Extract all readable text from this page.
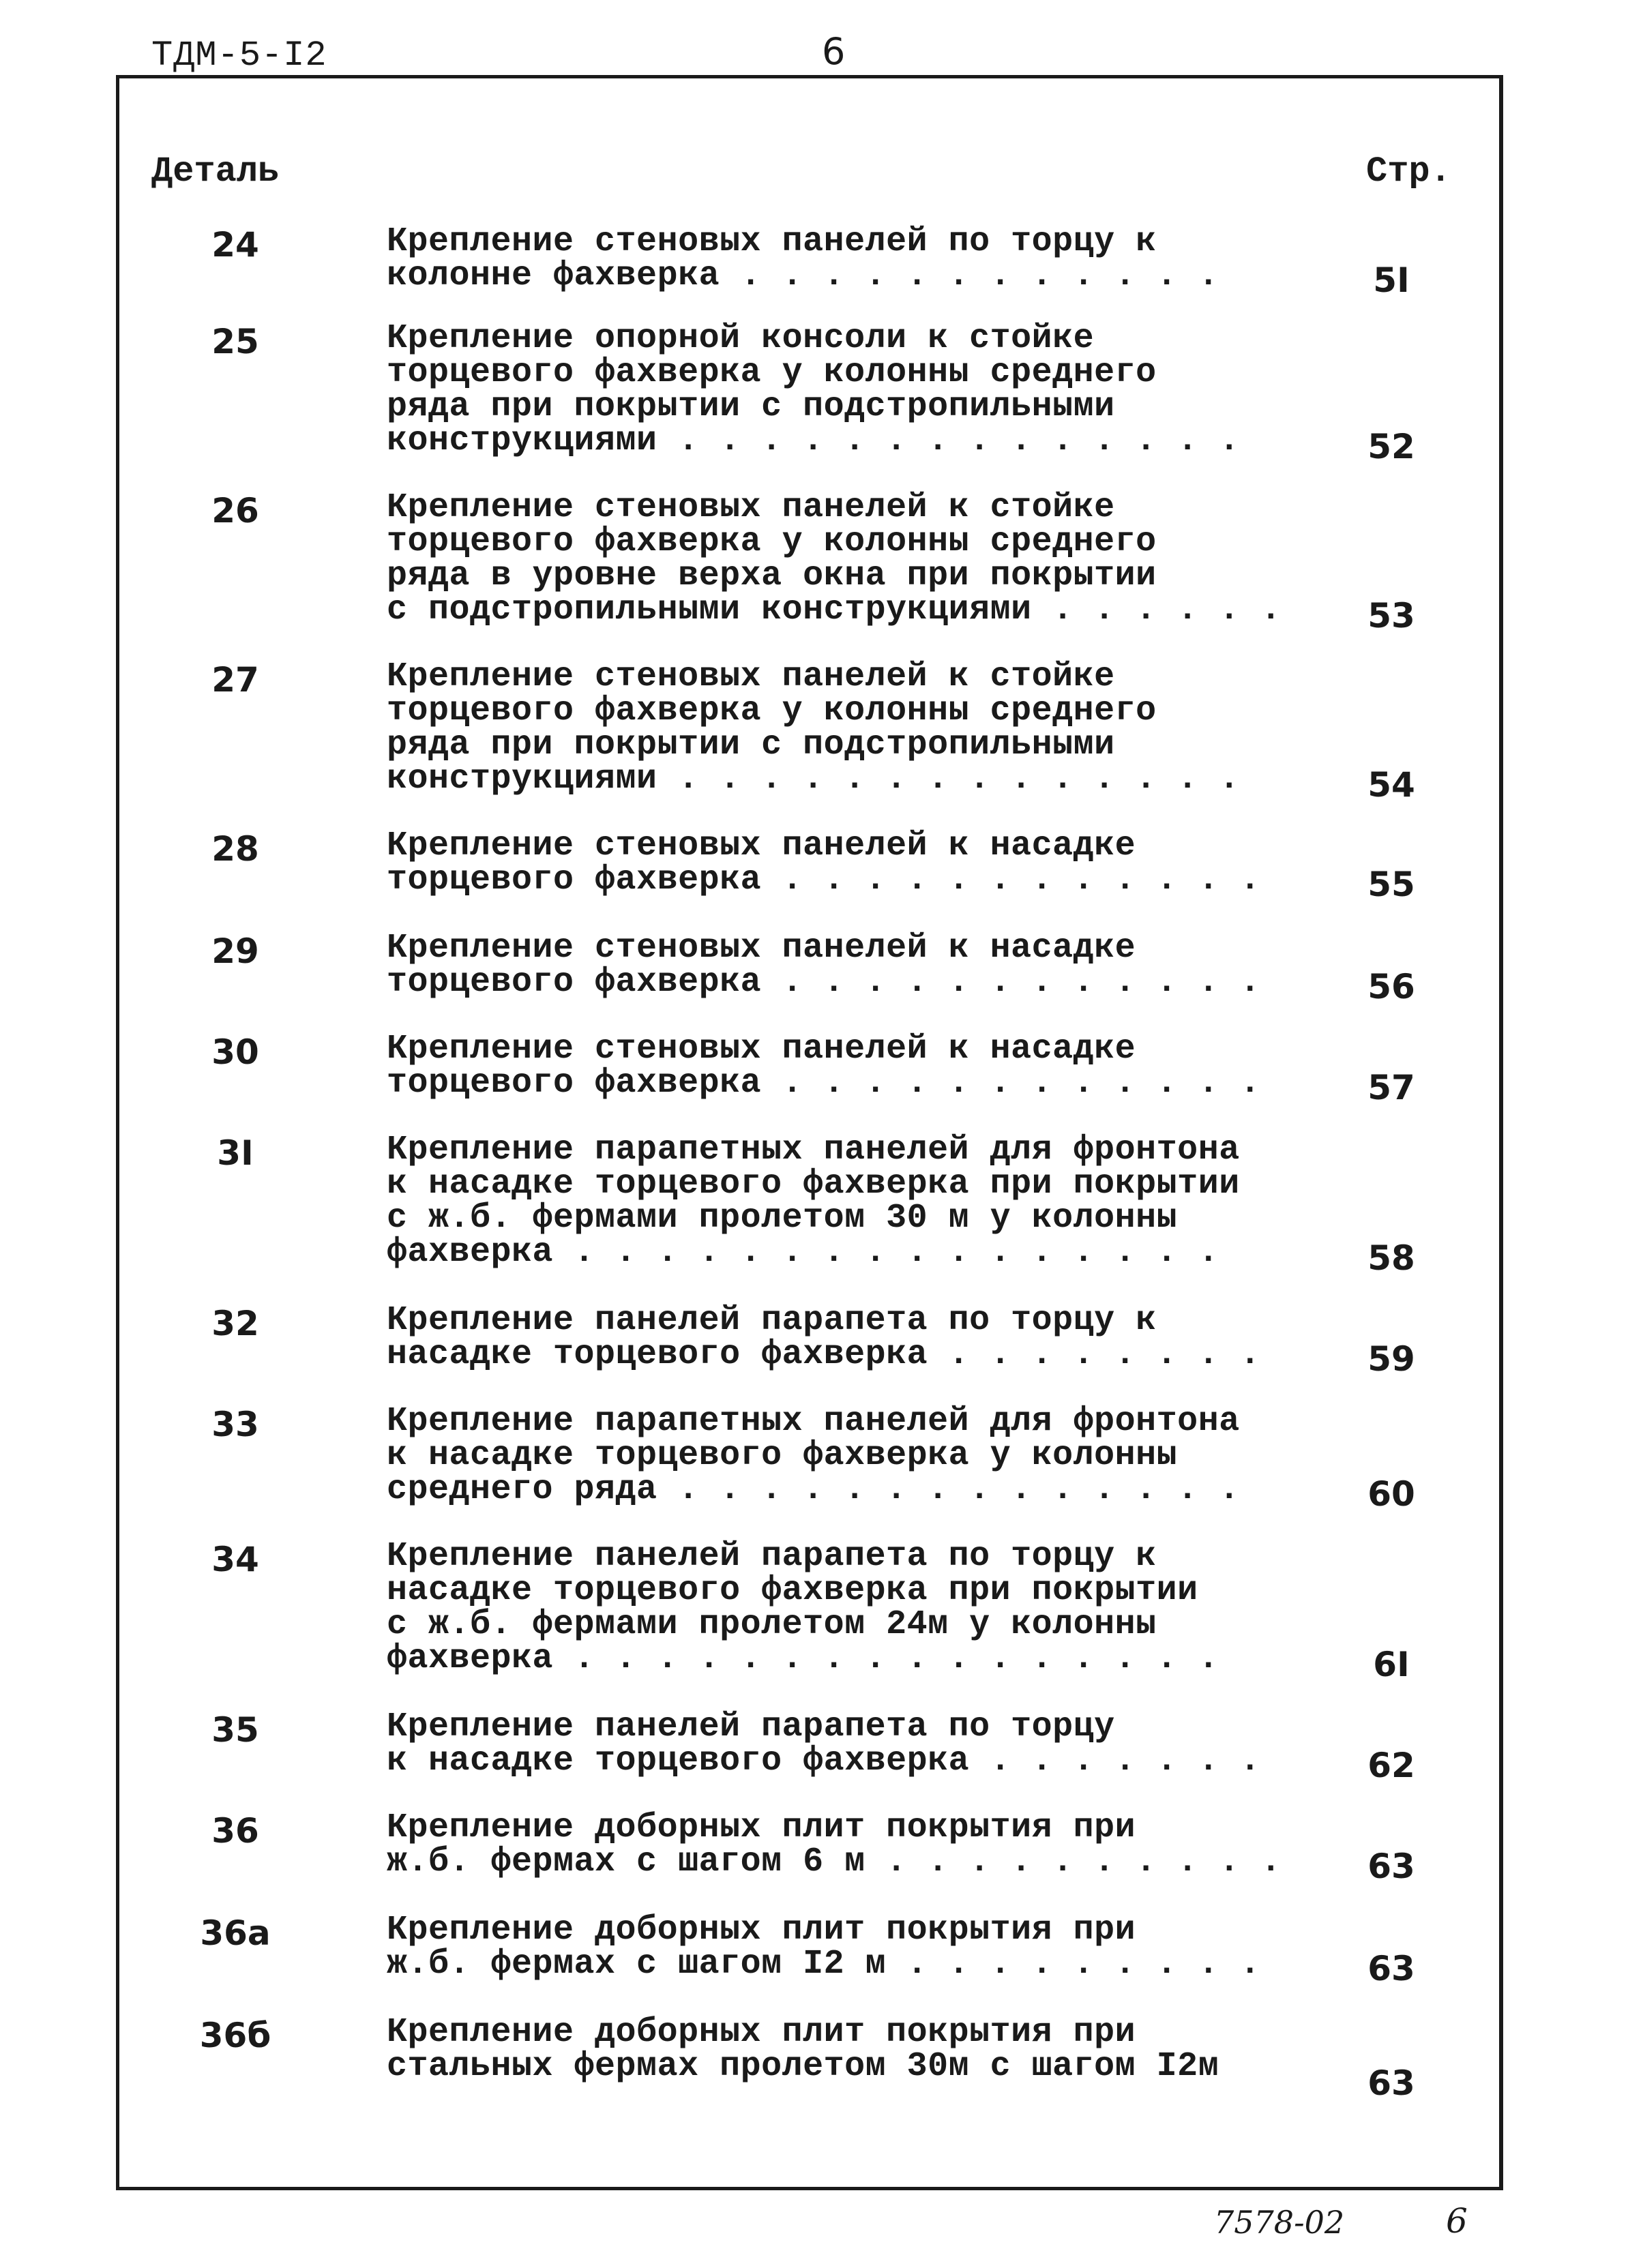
ТДМ-5-I2	6
Деталь	Стр.
24	Крепление стеновых панелей по торцу к
колонне фахверка . . . . . . . . . . . .	5I
25	Крепление опорной консоли к стойке
торцевого фахверка у колонны среднего
ряда при покрытии с подстропильными
конструкциями . . . . . . . . . . . . . .	52
26	Крепление стеновых панелей к стойке
торцевого фахверка у колонны среднего
ряда в уровне верха окна при покрытии
с подстропильными конструкциями . . . . . .	53
27	Крепление стеновых панелей к стойке
торцевого фахверка у колонны среднего
ряда при покрытии с подстропильными
конструкциями . . . . . . . . . . . . . .	54
28	Крепление стеновых панелей к насадке
торцевого фахверка . . . . . . . . . . . .	55
29	Крепление стеновых панелей к насадке
торцевого фахверка . . . . . . . . . . . .	56
30	Крепление стеновых панелей к насадке
торцевого фахверка . . . . . . . . . . . .	57
3I	Крепление парапетных панелей для фронтона
к насадке торцевого фахверка при покрытии
с ж.б. фермами пролетом 30 м у колонны
фахверка . . . . . . . . . . . . . . . .	58
32	Крепление панелей парапета по торцу к
насадке торцевого фахверка . . . . . . . .	59
33	Крепление парапетных панелей для фронтона
к насадке торцевого фахверка у колонны
среднего ряда . . . . . . . . . . . . . .	60
34	Крепление панелей парапета по торцу к
насадке торцевого фахверка при покрытии
с ж.б. фермами пролетом 24м у колонны
фахверка . . . . . . . . . . . . . . . .	6I
35	Крепление панелей парапета по торцу
к насадке торцевого фахверка . . . . . . .	62
36	Крепление доборных плит покрытия при
ж.б. фермах с шагом 6 м . . . . . . . . . .	63
36а	Крепление доборных плит покрытия при
ж.б. фермах с шагом I2 м . . . . . . . . .	63
36б	Крепление доборных плит покрытия при
стальных фермах пролетом 30м с шагом I2м	63
7578-02	6
